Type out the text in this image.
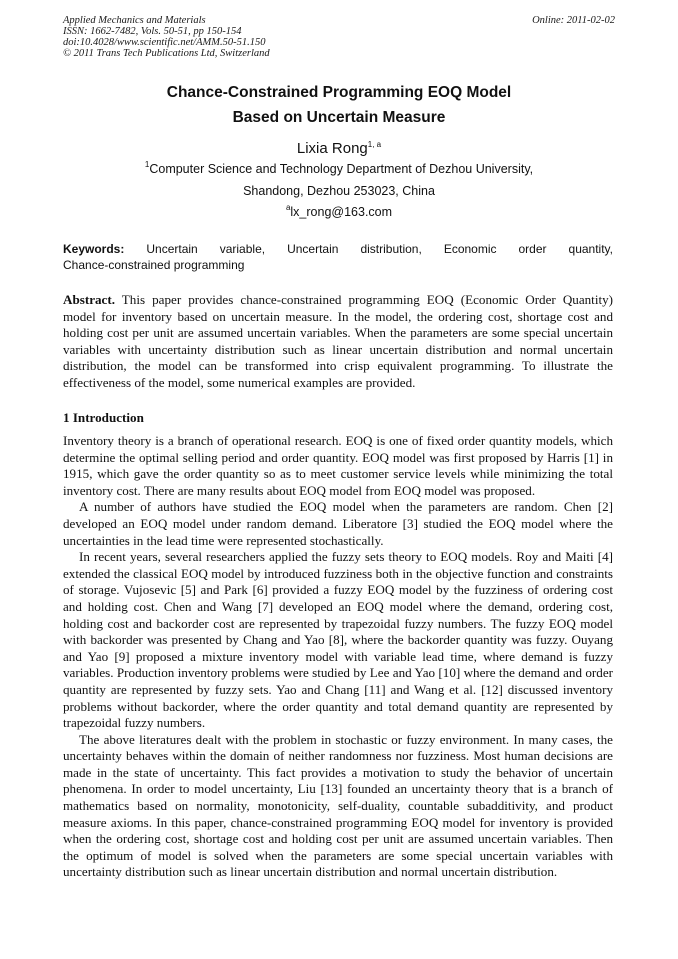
Applied Mechanics and Materials
ISSN: 1662-7482, Vols. 50-51, pp 150-154
doi:10.4028/www.scientific.net/AMM.50-51.150
© 2011 Trans Tech Publications Ltd, Switzerland
Online: 2011-02-02
Chance-Constrained Programming EOQ Model
Based on Uncertain Measure
Lixia Rong$^{1, a}$
$^1$Computer Science and Technology Department of Dezhou University,
Shandong, Dezhou 253023, China
$^a$lx_rong@163.com
Keywords: Uncertain variable, Uncertain distribution, Economic order quantity,
Chance-constrained programming
Abstract. This paper provides chance-constrained programming EOQ (Economic Order Quantity) model for inventory based on uncertain measure. In the model, the ordering cost, shortage cost and holding cost per unit are assumed uncertain variables. When the parameters are some special uncertain variables with uncertainty distribution such as linear uncertain distribution and normal uncertain distribution, the model can be transformed into crisp equivalent programming. To illustrate the effectiveness of the model, some numerical examples are provided.
1 Introduction

Inventory theory is a branch of operational research. EOQ is one of fixed order quantity models, which determine the optimal selling period and order quantity. EOQ model was first proposed by Harris [1] in 1915, which gave the order quantity so as to meet customer service levels while minimizing the total inventory cost. There are many results about EOQ model from EOQ model was proposed.

A number of authors have studied the EOQ model when the parameters are random. Chen [2] developed an EOQ model under random demand. Liberatore [3] studied the EOQ model where the uncertainties in the lead time were represented stochastically.

In recent years, several researchers applied the fuzzy sets theory to EOQ models. Roy and Maiti [4] extended the classical EOQ model by introduced fuzziness both in the objective function and constraints of storage. Vujosevic [5] and Park [6] provided a fuzzy EOQ model by the fuzziness of ordering cost and holding cost. Chen and Wang [7] developed an EOQ model where the demand, ordering cost, holding cost and backorder cost are represented by trapezoidal fuzzy numbers. The fuzzy EOQ model with backorder was presented by Chang and Yao [8], where the backorder quantity was fuzzy. Ouyang and Yao [9] proposed a mixture inventory model with variable lead time, where demand is fuzzy variables. Production inventory problems were studied by Lee and Yao [10] where the demand and order quantity are represented by fuzzy sets. Yao and Chang [11] and Wang et al. [12] discussed inventory problems without backorder, where the order quantity and total demand quantity are represented by trapezoidal fuzzy numbers.

The above literatures dealt with the problem in stochastic or fuzzy environment. In many cases, the uncertainty behaves within the domain of neither randomness nor fuzziness. Most human decisions are made in the state of uncertainty. This fact provides a motivation to study the behavior of uncertain phenomena. In order to model uncertainty, Liu [13] founded an uncertainty theory that is a branch of mathematics based on normality, monotonicity, self-duality, countable subadditivity, and product measure axioms. In this paper, chance-constrained programming EOQ model for inventory is provided when the ordering cost, shortage cost and holding cost per unit are assumed uncertain variables. Then the optimum of model is solved when the parameters are some special uncertain variables with uncertainty distribution such as linear uncertain distribution and normal uncertain distribution.
